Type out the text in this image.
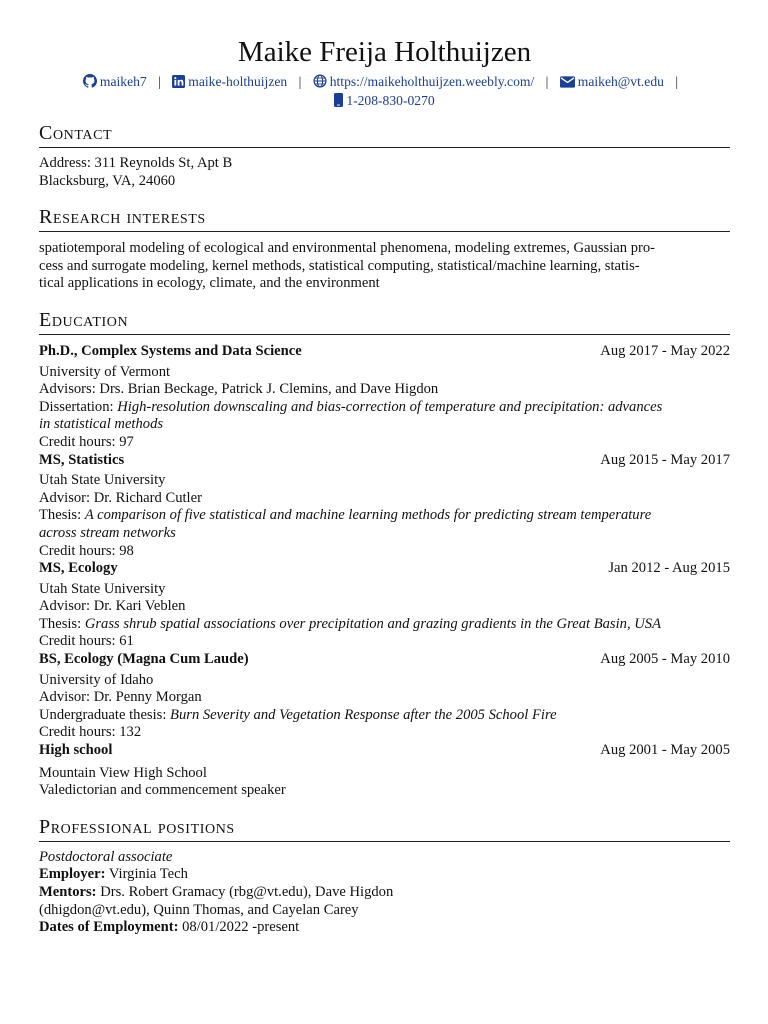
Maike Freija Holthuijzen
maikeh7 | maike-holthuijzen | https://maikeholthuijzen.weebly.com/ | maikeh@vt.edu |
1-208-830-0270
Contact
Address: 311 Reynolds St, Apt B
Blacksburg, VA, 24060
Research interests
spatiotemporal modeling of ecological and environmental phenomena, modeling extremes, Gaussian pro-
cess and surrogate modeling, kernel methods, statistical computing, statistical/machine learning, statis-
tical applications in ecology, climate, and the environment
Education
Ph.D., Complex Systems and Data Science	Aug 2017 - May 2022
University of Vermont
Advisors: Drs. Brian Beckage, Patrick J. Clemins, and Dave Higdon
Dissertation: High-resolution downscaling and bias-correction of temperature and precipitation: advances
in statistical methods
Credit hours: 97
MS, Statistics	Aug 2015 - May 2017
Utah State University
Advisor: Dr. Richard Cutler
Thesis: A comparison of five statistical and machine learning methods for predicting stream temperature
across stream networks
Credit hours: 98
MS, Ecology	Jan 2012 - Aug 2015
Utah State University
Advisor: Dr. Kari Veblen
Thesis: Grass shrub spatial associations over precipitation and grazing gradients in the Great Basin, USA
Credit hours: 61
BS, Ecology (Magna Cum Laude)	Aug 2005 - May 2010
University of Idaho
Advisor: Dr. Penny Morgan
Undergraduate thesis: Burn Severity and Vegetation Response after the 2005 School Fire
Credit hours: 132
High school	Aug 2001 - May 2005
Mountain View High School
Valedictorian and commencement speaker
Professional positions
Postdoctoral associate
Employer: Virginia Tech
Mentors: Drs. Robert Gramacy (rbg@vt.edu), Dave Higdon
(dhigdon@vt.edu), Quinn Thomas, and Cayelan Carey
Dates of Employment: 08/01/2022 -present
